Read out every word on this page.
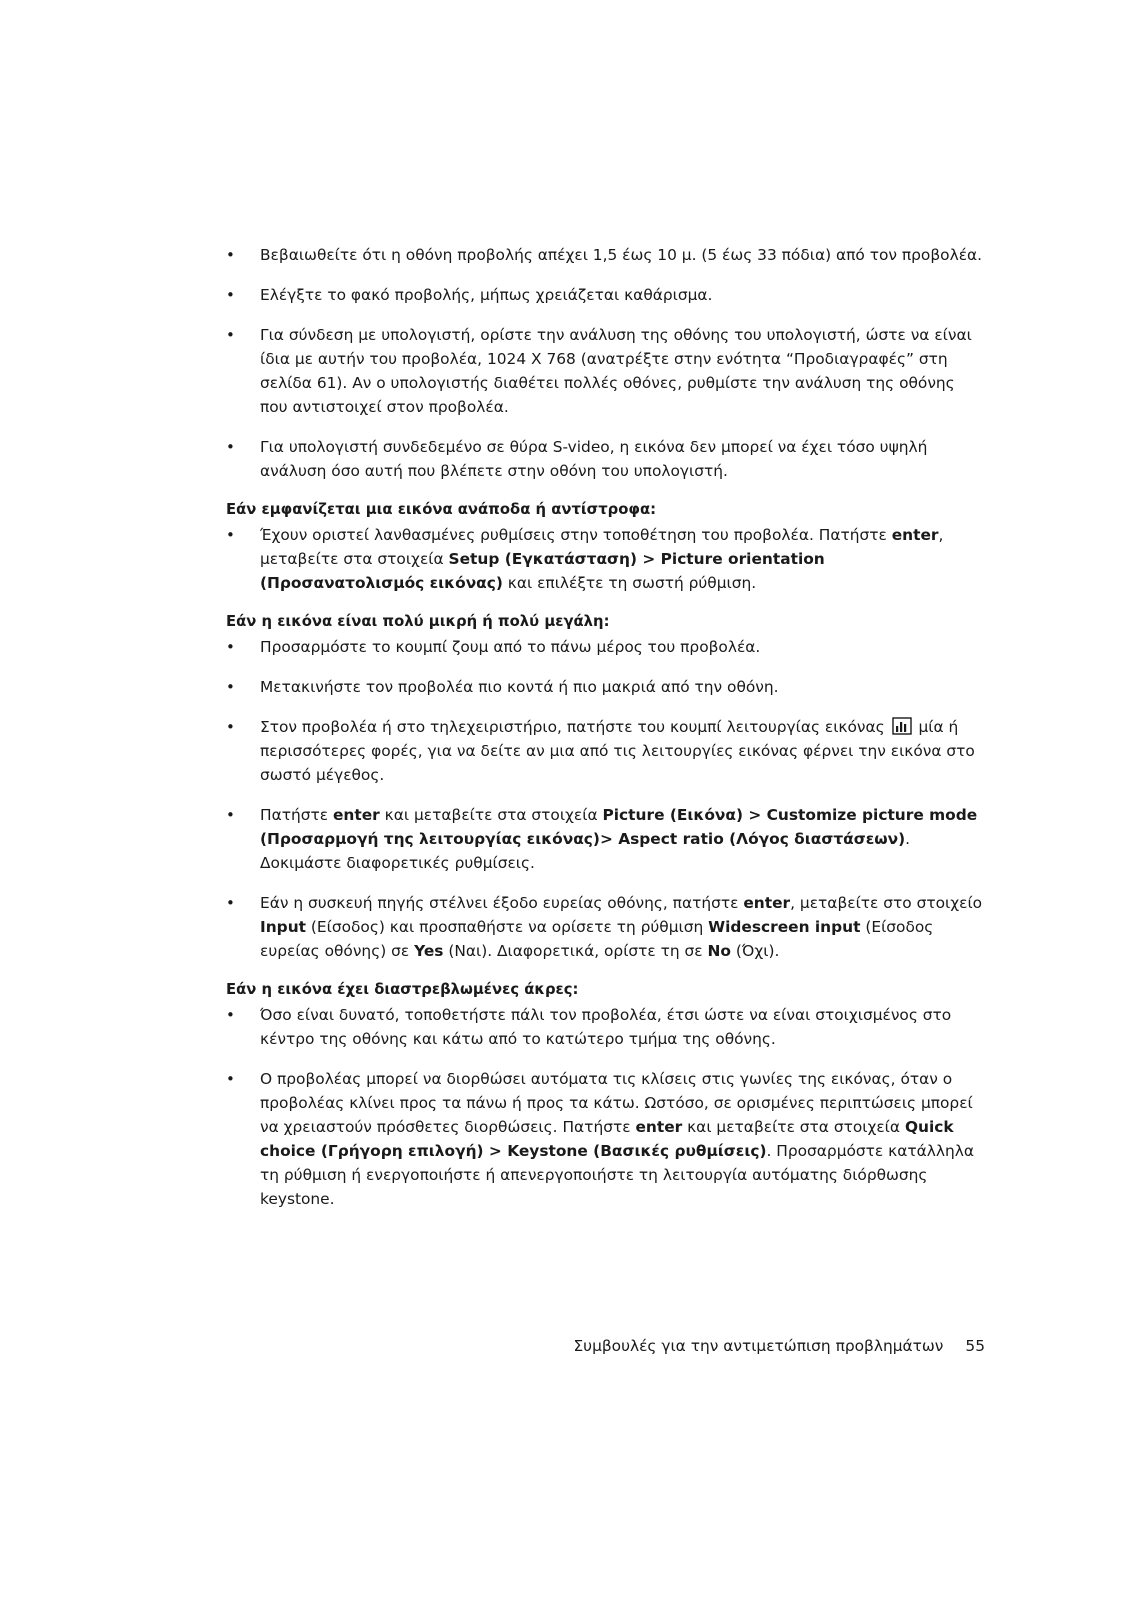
• Βεβαιωθείτε ότι η οθόνη προβολής απέχει 1,5 έως 10 μ. (5 έως 33 πόδια) από τον προβολέα.
• Ελέγξτε το φακό προβολής, μήπως χρειάζεται καθάρισμα.
• Για σύνδεση με υπολογιστή, ορίστε την ανάλυση της οθόνης του υπολογιστή, ώστε να είναι ίδια με αυτήν του προβολέα, 1024 X 768 (ανατρέξτε στην ενότητα “Προδιαγραφές” στη σελίδα 61). Αν ο υπολογιστής διαθέτει πολλές οθόνες, ρυθμίστε την ανάλυση της οθόνης που αντιστοιχεί στον προβολέα.
• Για υπολογιστή συνδεδεμένο σε θύρα S-video, η εικόνα δεν μπορεί να έχει τόσο υψηλή ανάλυση όσο αυτή που βλέπετε στην οθόνη του υπολογιστή.
Εάν εμφανίζεται μια εικόνα ανάποδα ή αντίστροφα:
• Έχουν οριστεί λανθασμένες ρυθμίσεις στην τοποθέτηση του προβολέα. Πατήστε enter, μεταβείτε στα στοιχεία Setup (Εγκατάσταση) > Picture orientation (Προσανατολισμός εικόνας) και επιλέξτε τη σωστή ρύθμιση.
Εάν η εικόνα είναι πολύ μικρή ή πολύ μεγάλη:
• Προσαρμόστε το κουμπί ζουμ από το πάνω μέρος του προβολέα.
• Μετακινήστε τον προβολέα πιο κοντά ή πιο μακριά από την οθόνη.
• Στον προβολέα ή στο τηλεχειριστήριο, πατήστε του κουμπί λειτουργίας εικόνας  μία ή περισσότερες φορές, για να δείτε αν μια από τις λειτουργίες εικόνας φέρνει την εικόνα στο σωστό μέγεθος.
• Πατήστε enter και μεταβείτε στα στοιχεία Picture (Εικόνα) > Customize picture mode (Προσαρμογή της λειτουργίας εικόνας)> Aspect ratio (Λόγος διαστάσεων). Δοκιμάστε διαφορετικές ρυθμίσεις.
• Εάν η συσκευή πηγής στέλνει έξοδο ευρείας οθόνης, πατήστε enter, μεταβείτε στο στοιχείο Input (Είσοδος) και προσπαθήστε να ορίσετε τη ρύθμιση Widescreen input (Είσοδος ευρείας οθόνης) σε Yes (Ναι). Διαφορετικά, ορίστε τη σε No (Όχι).
Εάν η εικόνα έχει διαστρεβλωμένες άκρες:
• Όσο είναι δυνατό, τοποθετήστε πάλι τον προβολέα, έτσι ώστε να είναι στοιχισμένος στο κέντρο της οθόνης και κάτω από το κατώτερο τμήμα της οθόνης.
• Ο προβολέας μπορεί να διορθώσει αυτόματα τις κλίσεις στις γωνίες της εικόνας, όταν ο προβολέας κλίνει προς τα πάνω ή προς τα κάτω. Ωστόσο, σε ορισμένες περιπτώσεις μπορεί να χρειαστούν πρόσθετες διορθώσεις. Πατήστε enter και μεταβείτε στα στοιχεία Quick choice (Γρήγορη επιλογή) > Keystone (Βασικές ρυθμίσεις). Προσαρμόστε κατάλληλα τη ρύθμιση ή ενεργοποιήστε ή απενεργοποιήστε τη λειτουργία αυτόματης διόρθωσης keystone.
Συμβουλές για την αντιμετώπιση προβλημάτων 55
